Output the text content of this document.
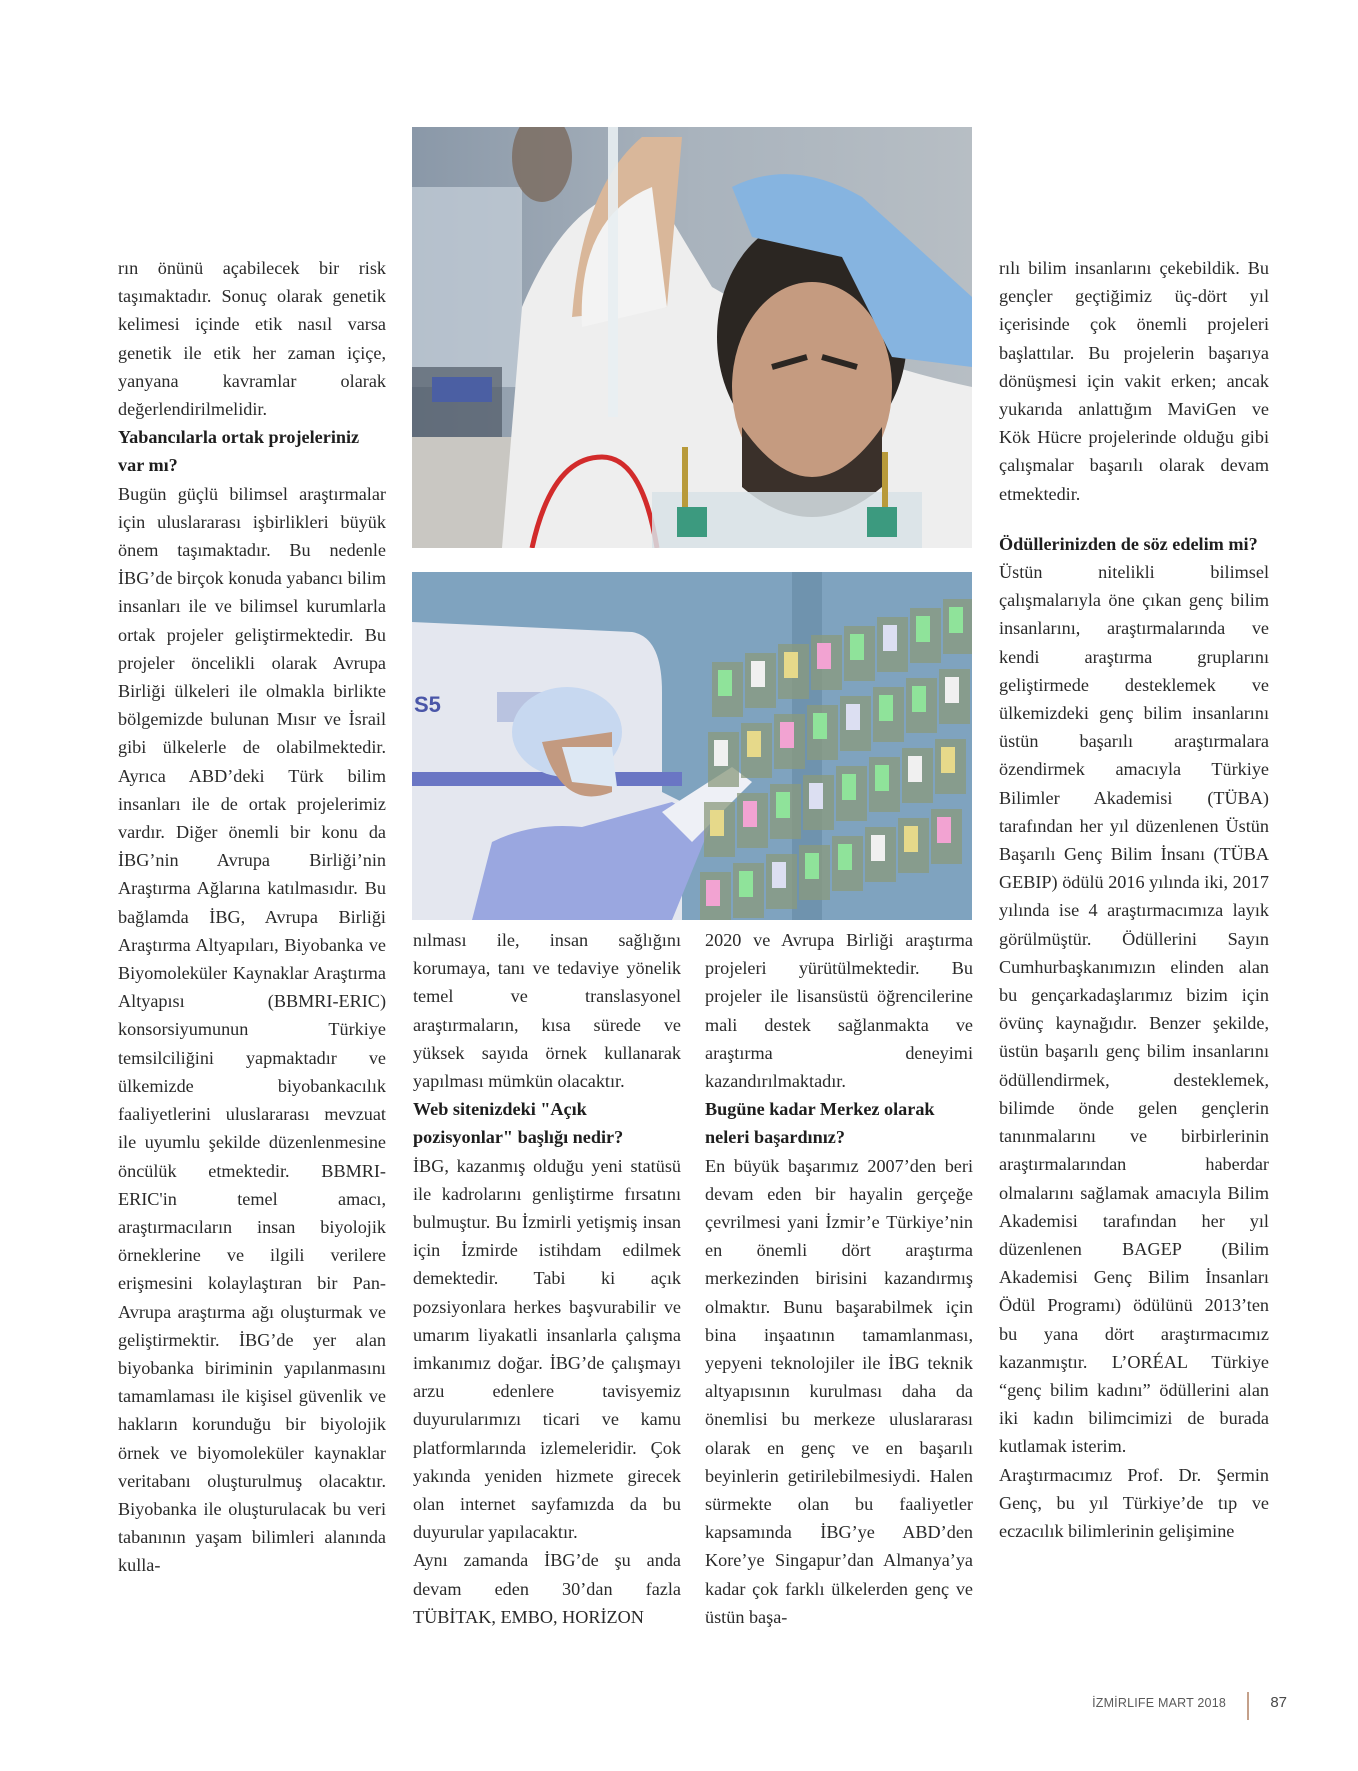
rın önünü açabilecek bir risk taşımaktadır. Sonuç olarak genetik kelimesi içinde etik nasıl varsa genetik ile etik her zaman içiçe, yanyana kavramlar olarak değerlendirilmelidir.

Yabancılarla ortak projeleriniz var mı?

Bugün güçlü bilimsel araştırmalar için uluslararası işbirlikleri büyük önem taşımaktadır. Bu nedenle İBG’de birçok konuda yabancı bilim insanları ile ve bilimsel kurumlarla ortak projeler geliştirmektedir. Bu projeler öncelikli olarak Avrupa Birliği ülkeleri ile olmakla birlikte bölgemizde bulunan Mısır ve İsrail gibi ülkelerle de olabilmektedir. Ayrıca ABD’deki Türk bilim insanları ile de ortak projelerimiz vardır. Diğer önemli bir konu da İBG’nin Avrupa Birliği’nin Araştırma Ağlarına katılmasıdır. Bu bağlamda İBG, Avrupa Birliği Araştırma Altyapıları, Biyobanka ve Biyomoleküler Kaynaklar Araştırma Altyapısı (BBMRI-ERIC) konsorsiyumunun Türkiye temsilciliğini yapmaktadır ve ülkemizde biyobankacılık faaliyetlerini uluslararası mevzuat ile uyumlu şekilde düzenlenmesine öncülük etmektedir. BBMRI-ERIC'in temel amacı, araştırmacıların insan biyolojik örneklerine ve ilgili verilere erişmesini kolaylaştıran bir Pan-Avrupa araştırma ağı oluşturmak ve geliştirmektir. İBG’de yer alan biyobanka biriminin yapılanmasını tamamlaması ile kişisel güvenlik ve hakların korunduğu bir biyolojik örnek ve biyomoleküler kaynaklar veritabanı oluşturulmuş olacaktır. Biyobanka ile oluşturulacak bu veri tabanının yaşam bilimleri alanında kulla-

S5

nılması ile, insan sağlığını korumaya, tanı ve tedaviye yönelik temel ve translasyonel araştırmaların, kısa sürede ve yüksek sayıda örnek kullanarak yapılması mümkün olacaktır.

Web sitenizdeki "Açık pozisyonlar" başlığı nedir?

İBG, kazanmış olduğu yeni statüsü ile kadrolarını genliştirme fırsatını bulmuştur. Bu İzmirli yetişmiş insan için İzmirde istihdam edilmek demektedir. Tabi ki açık pozsiyonlara herkes başvurabilir ve umarım liyakatli insanlarla çalışma imkanımız doğar. İBG’de çalışmayı arzu edenlere tavisyemiz duyurularımızı ticari ve kamu platformlarında izlemeleridir. Çok yakında yeniden hizmete girecek olan internet sayfamızda da bu duyurular yapılacaktır.

Aynı zamanda İBG’de şu anda devam eden 30’dan fazla TÜBİTAK, EMBO, HORİZON

2020 ve Avrupa Birliği araştırma projeleri yürütülmektedir. Bu projeler ile lisansüstü öğrencilerine mali destek sağlanmakta ve araştırma deneyimi kazandırılmaktadır.

Bugüne kadar Merkez olarak neleri başardınız?

En büyük başarımız 2007’den beri devam eden bir hayalin gerçeğe çevrilmesi yani İzmir’e Türkiye’nin en önemli dört araştırma merkezinden birisini kazandırmış olmaktır. Bunu başarabilmek için bina inşaatının tamamlanması, yepyeni teknolojiler ile İBG teknik altyapısının kurulması daha da önemlisi bu merkeze uluslararası olarak en genç ve en başarılı beyinlerin getirilebilmesiydi. Halen sürmekte olan bu faaliyetler kapsamında İBG’ye ABD’den Kore’ye Singapur’dan Almanya’ya kadar çok farklı ülkelerden genç ve üstün başa-

rılı bilim insanlarını çekebildik. Bu gençler geçtiğimiz üç-dört yıl içerisinde çok önemli projeleri başlattılar. Bu projelerin başarıya dönüşmesi için vakit erken; ancak yukarıda anlattığım MaviGen ve Kök Hücre projelerinde olduğu gibi çalışmalar başarılı olarak devam etmektedir.

Ödüllerinizden de söz edelim mi?

Üstün nitelikli bilimsel çalışmalarıyla öne çıkan genç bilim insanlarını, araştırmalarında ve kendi araştırma gruplarını geliştirmede desteklemek ve ülkemizdeki genç bilim insanlarını üstün başarılı araştırmalara özendirmek amacıyla Türkiye Bilimler Akademisi (TÜBA) tarafından her yıl düzenlenen Üstün Başarılı Genç Bilim İnsanı (TÜBA GEBIP) ödülü 2016 yılında iki, 2017 yılında ise 4 araştırmacımıza layık görülmüştür. Ödüllerini Sayın Cumhurbaşkanımızın elinden alan bu gençarkadaşlarımız bizim için övünç kaynağıdır. Benzer şekilde, üstün başarılı genç bilim insanlarını ödüllendirmek, desteklemek, bilimde önde gelen gençlerin tanınmalarını ve birbirlerinin araştırmalarından haberdar olmalarını sağlamak amacıyla Bilim Akademisi tarafından her yıl düzenlenen BAGEP (Bilim Akademisi Genç Bilim İnsanları Ödül Programı) ödülünü 2013’ten bu yana dört araştırmacımız kazanmıştır. L’ORÉAL Türkiye “genç bilim kadını” ödüllerini alan iki kadın bilimcimizi de burada kutlamak isterim.

Araştırmacımız Prof. Dr. Şermin Genç, bu yıl Türkiye’de tıp ve eczacılık bilimlerinin gelişimine

İZMİRLIFE MART 2018	87
